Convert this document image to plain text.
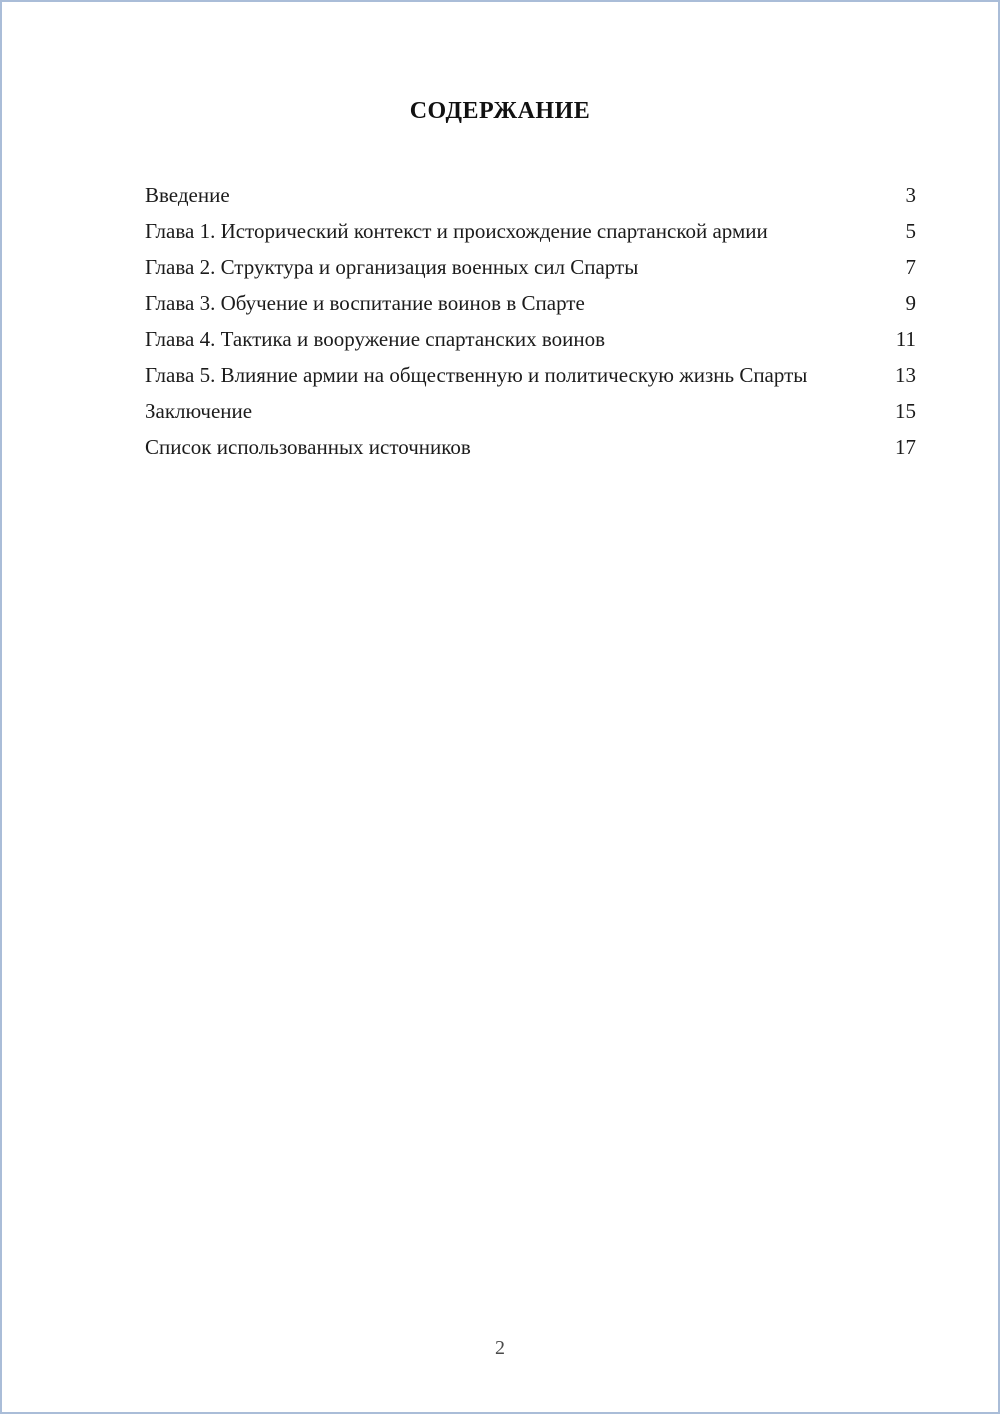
СОДЕРЖАНИЕ
Введение	3
Глава 1. Исторический контекст и происхождение спартанской армии	5
Глава 2. Структура и организация военных сил Спарты	7
Глава 3. Обучение и воспитание воинов в Спарте	9
Глава 4. Тактика и вооружение спартанских воинов	11
Глава 5. Влияние армии на общественную и политическую жизнь Спарты	13
Заключение	15
Список использованных источников	17
2
